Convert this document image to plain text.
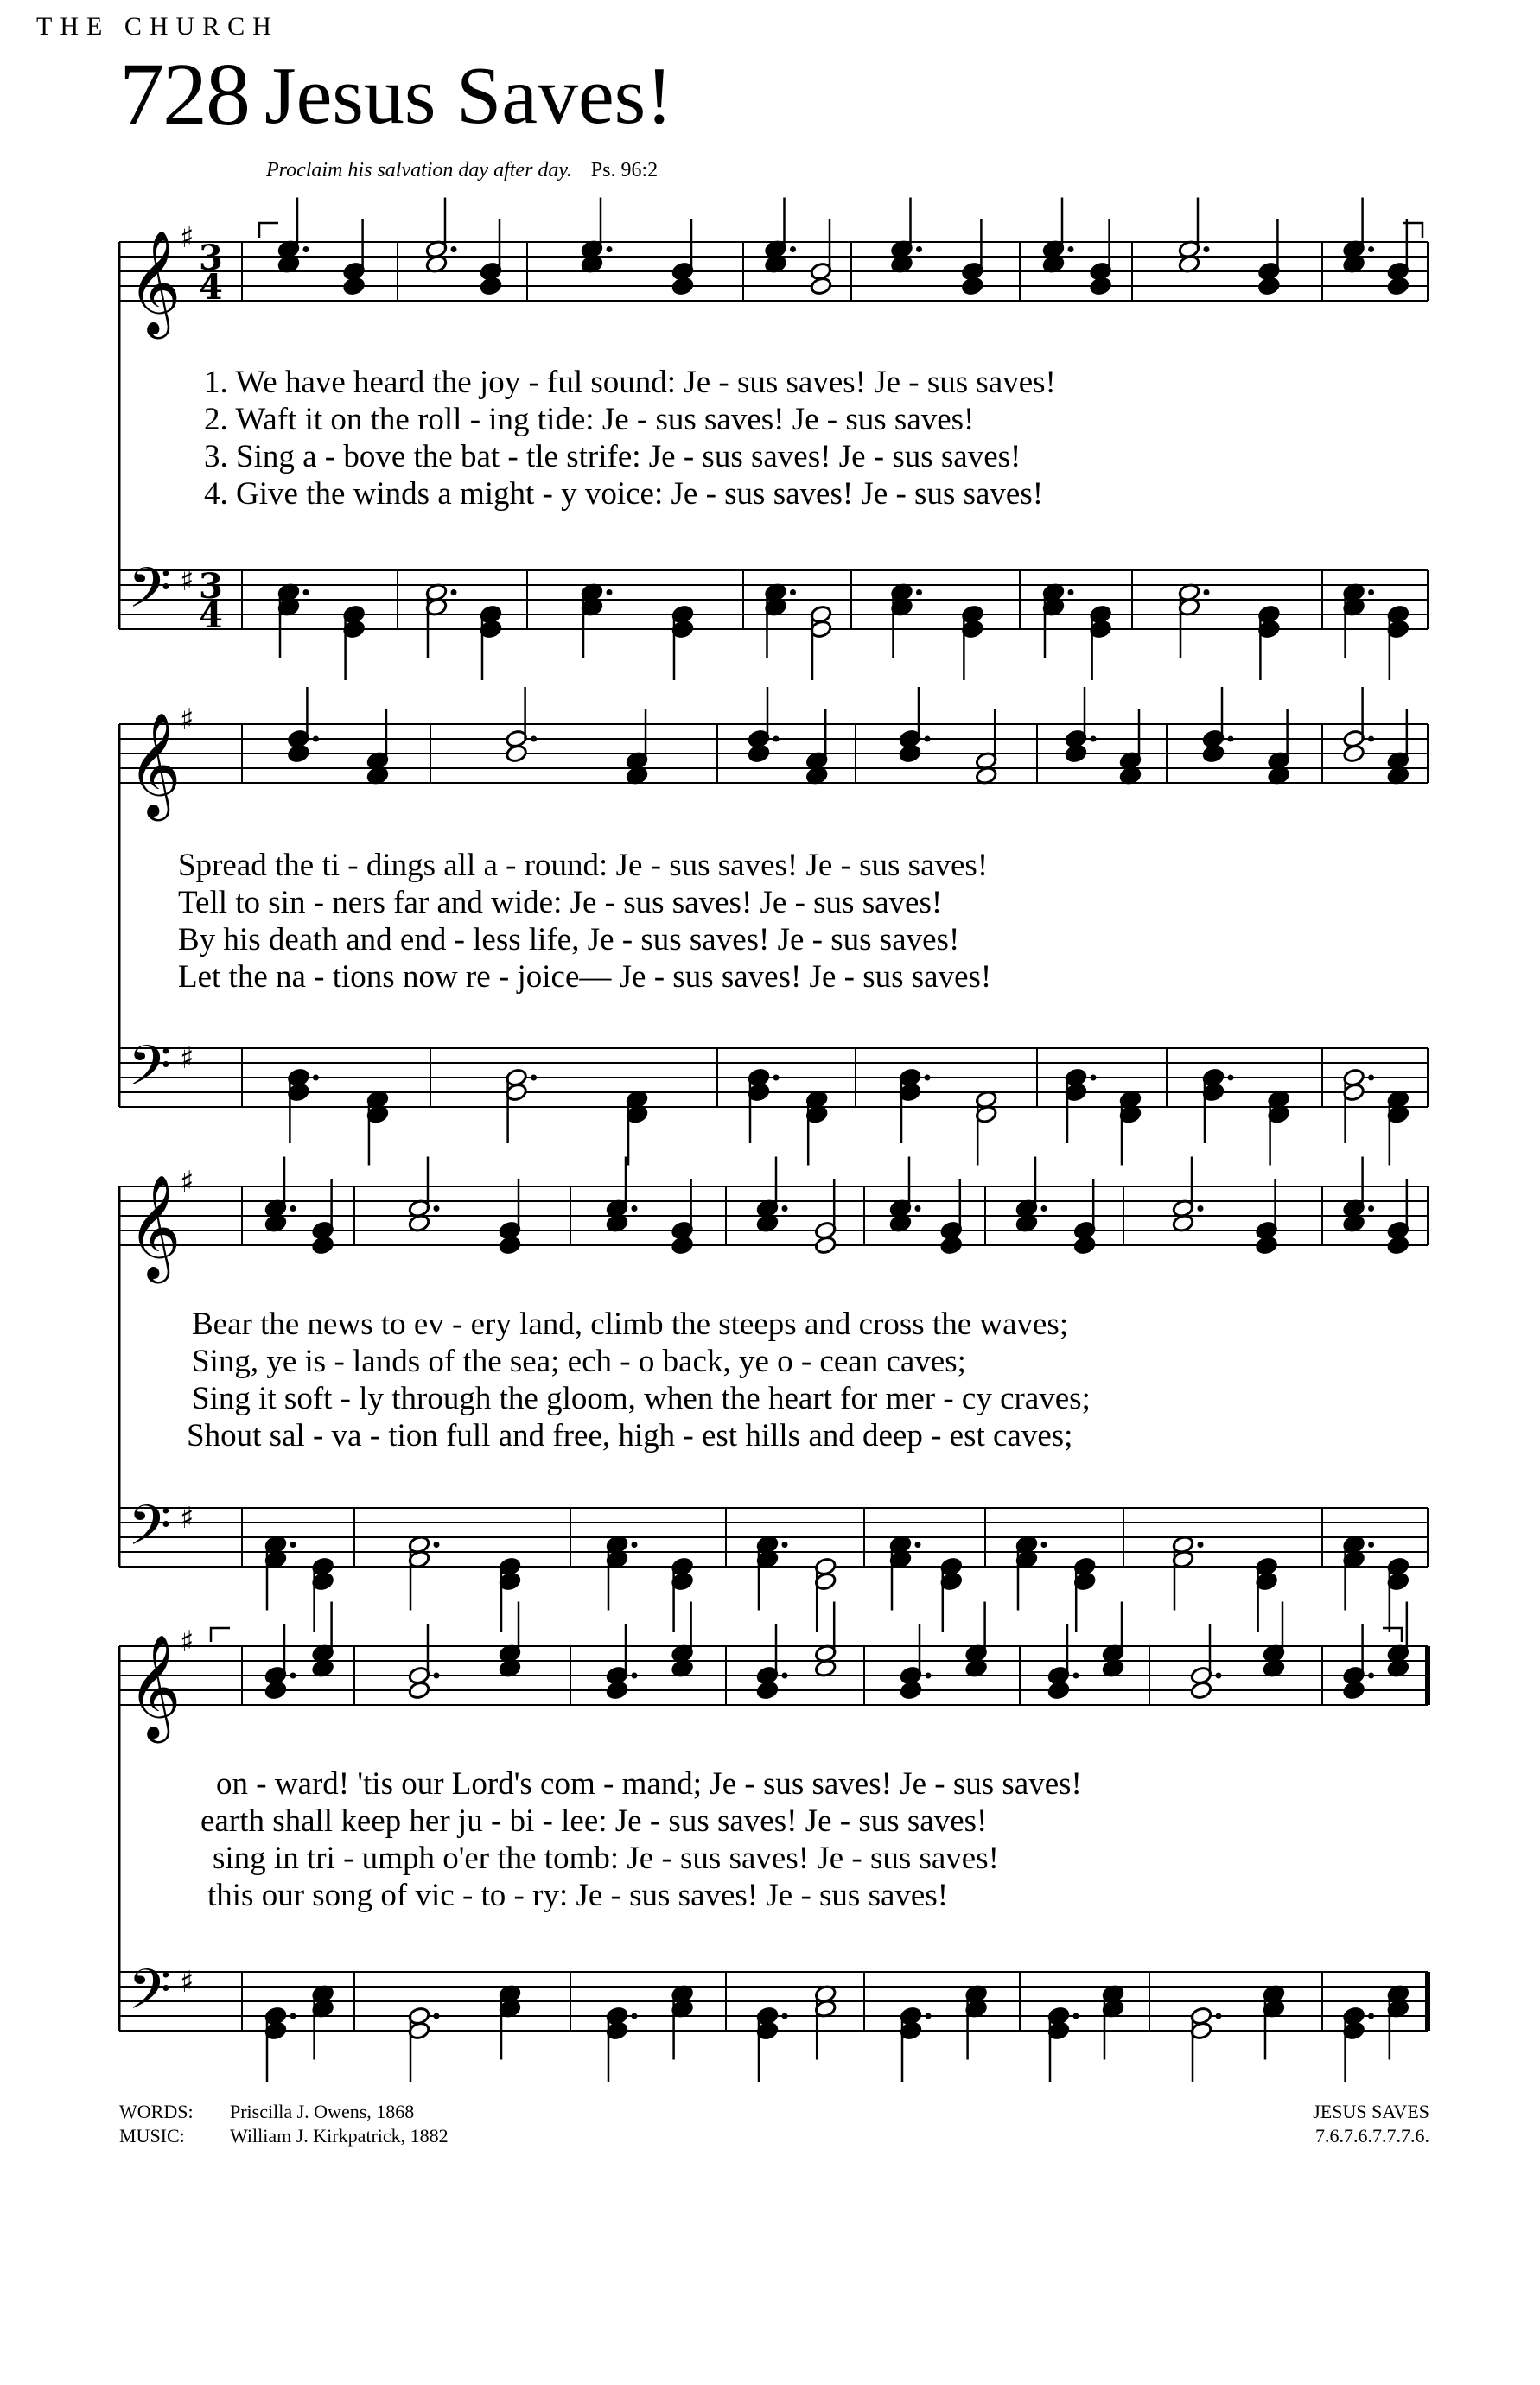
THE CHURCH
728 Jesus Saves!
Proclaim his salvation day after day. Ps. 96:2
𝄞
♯ 3
4
𝄢 ♯ 3
4
𝄞
♯
𝄢 ♯
𝄞
♯
𝄢 ♯
𝄞
♯
𝄢 ♯
1. We have heard the joy - ful sound: Je - sus saves! Je - sus saves!
2. Waft it on the roll - ing tide: Je - sus saves! Je - sus saves!
3. Sing a - bove the bat - tle strife: Je - sus saves! Je - sus saves!
4. Give the winds a might - y voice: Je - sus saves! Je - sus saves!
Spread the ti - dings all a - round: Je - sus saves! Je - sus saves!
Tell to sin - ners far and wide: Je - sus saves! Je - sus saves!
By his death and end - less life, Je - sus saves! Je - sus saves!
Let the na - tions now re - joice— Je - sus saves! Je - sus saves!
Bear the news to ev - ery land, climb the steeps and cross the waves;
Sing, ye is - lands of the sea; ech - o back, ye o - cean caves;
Sing it soft - ly through the gloom, when the heart for mer - cy craves;
Shout sal - va - tion full and free, high - est hills and deep - est caves;
on - ward! 'tis our Lord's com - mand; Je - sus saves! Je - sus saves!
earth shall keep her ju - bi - lee: Je - sus saves! Je - sus saves!
sing in tri - umph o'er the tomb: Je - sus saves! Je - sus saves!
this our song of vic - to - ry: Je - sus saves! Je - sus saves!
WORDS: Priscilla J. Owens, 1868
MUSIC: William J. Kirkpatrick, 1882
JESUS SAVES
7.6.7.6.7.7.7.6.
